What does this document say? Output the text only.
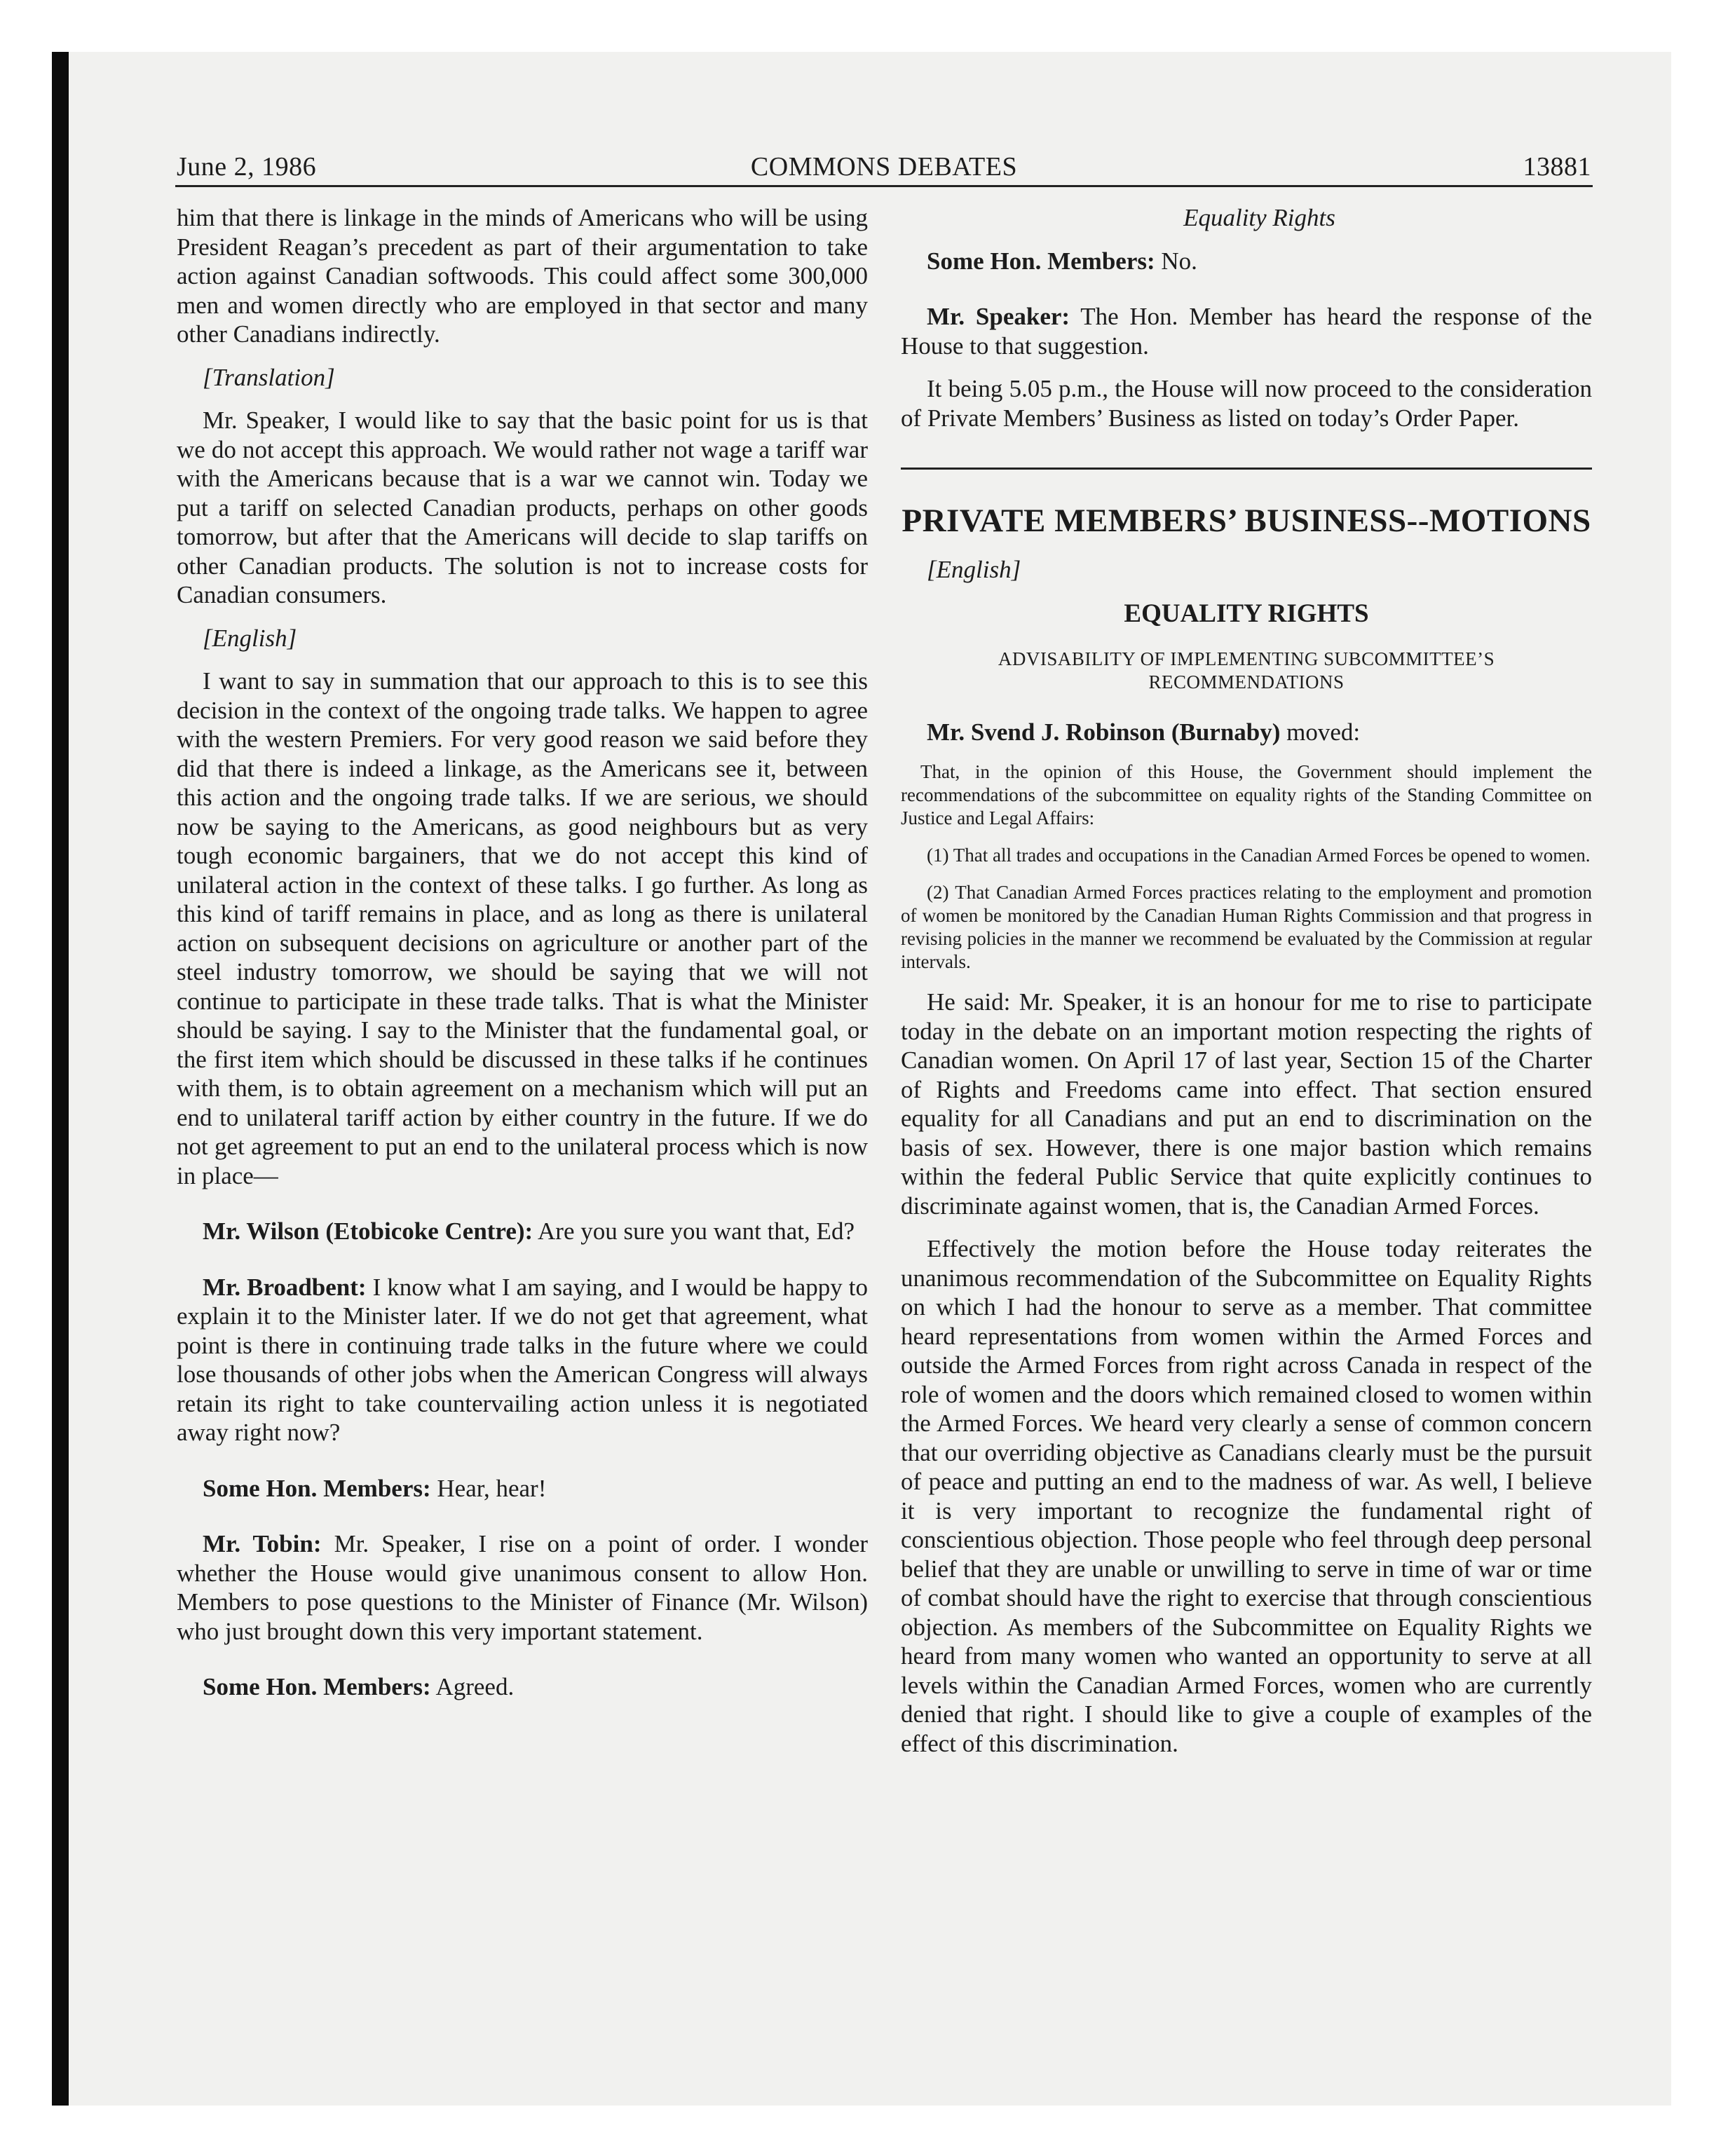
June 2, 1986	COMMONS DEBATES	13881

him that there is linkage in the minds of Americans who will be using President Reagan’s precedent as part of their argumentation to take action against Canadian softwoods. This could affect some 300,000 men and women directly who are employed in that sector and many other Canadians indirectly.

[Translation]

Mr. Speaker, I would like to say that the basic point for us is that we do not accept this approach. We would rather not wage a tariff war with the Americans because that is a war we cannot win. Today we put a tariff on selected Canadian products, perhaps on other goods tomorrow, but after that the Americans will decide to slap tariffs on other Canadian products. The solution is not to increase costs for Canadian consumers.

[English]

I want to say in summation that our approach to this is to see this decision in the context of the ongoing trade talks. We happen to agree with the western Premiers. For very good reason we said before they did that there is indeed a linkage, as the Americans see it, between this action and the ongoing trade talks. If we are serious, we should now be saying to the Americans, as good neighbours but as very tough economic bargainers, that we do not accept this kind of unilateral action in the context of these talks. I go further. As long as this kind of tariff remains in place, and as long as there is unilateral action on subsequent decisions on agriculture or another part of the steel industry tomorrow, we should be saying that we will not continue to participate in these trade talks. That is what the Minister should be saying. I say to the Minister that the fundamental goal, or the first item which should be discussed in these talks if he continues with them, is to obtain agreement on a mechanism which will put an end to unilateral tariff action by either country in the future. If we do not get agreement to put an end to the unilateral process which is now in place—

Mr. Wilson (Etobicoke Centre): Are you sure you want that, Ed?

Mr. Broadbent: I know what I am saying, and I would be happy to explain it to the Minister later. If we do not get that agreement, what point is there in continuing trade talks in the future where we could lose thousands of other jobs when the American Congress will always retain its right to take countervailing action unless it is negotiated away right now?

Some Hon. Members: Hear, hear!

Mr. Tobin: Mr. Speaker, I rise on a point of order. I wonder whether the House would give unanimous consent to allow Hon. Members to pose questions to the Minister of Finance (Mr. Wilson) who just brought down this very important statement.

Some Hon. Members: Agreed.

Equality Rights

Some Hon. Members: No.

Mr. Speaker: The Hon. Member has heard the response of the House to that suggestion.

It being 5.05 p.m., the House will now proceed to the consideration of Private Members’ Business as listed on today’s Order Paper.

PRIVATE MEMBERS’ BUSINESS--MOTIONS

[English]

EQUALITY RIGHTS
ADVISABILITY OF IMPLEMENTING SUBCOMMITTEE’S RECOMMENDATIONS

Mr. Svend J. Robinson (Burnaby) moved:

That, in the opinion of this House, the Government should implement the recommendations of the subcommittee on equality rights of the Standing Committee on Justice and Legal Affairs:

(1) That all trades and occupations in the Canadian Armed Forces be opened to women.

(2) That Canadian Armed Forces practices relating to the employment and promotion of women be monitored by the Canadian Human Rights Commission and that progress in revising policies in the manner we recommend be evaluated by the Commission at regular intervals.

He said: Mr. Speaker, it is an honour for me to rise to participate today in the debate on an important motion respecting the rights of Canadian women. On April 17 of last year, Section 15 of the Charter of Rights and Freedoms came into effect. That section ensured equality for all Canadians and put an end to discrimination on the basis of sex. However, there is one major bastion which remains within the federal Public Service that quite explicitly continues to discriminate against women, that is, the Canadian Armed Forces.

Effectively the motion before the House today reiterates the unanimous recommendation of the Subcommittee on Equality Rights on which I had the honour to serve as a member. That committee heard representations from women within the Armed Forces and outside the Armed Forces from right across Canada in respect of the role of women and the doors which remained closed to women within the Armed Forces. We heard very clearly a sense of common concern that our overriding objective as Canadians clearly must be the pursuit of peace and putting an end to the madness of war. As well, I believe it is very important to recognize the fundamental right of conscientious objection. Those people who feel through deep personal belief that they are unable or unwilling to serve in time of war or time of combat should have the right to exercise that through conscientious objection. As members of the Subcommittee on Equality Rights we heard from many women who wanted an opportunity to serve at all levels within the Canadian Armed Forces, women who are currently denied that right. I should like to give a couple of examples of the effect of this discrimination.
